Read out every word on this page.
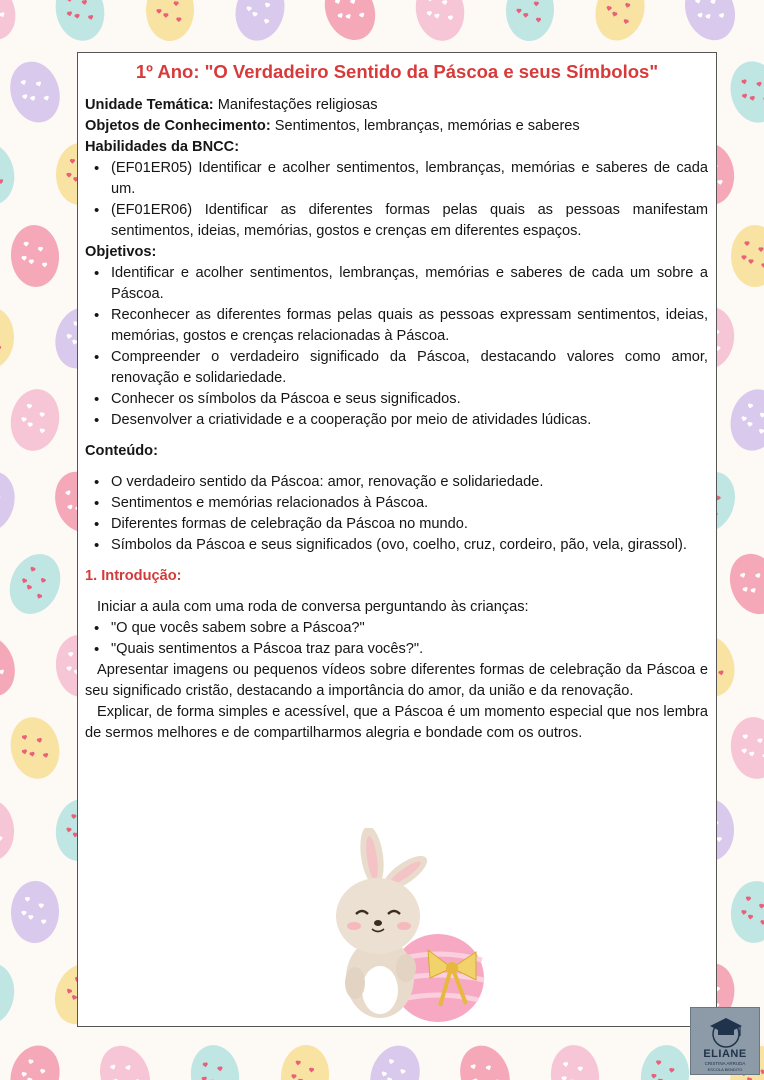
1º Ano: "O Verdadeiro Sentido da Páscoa e seus Símbolos"

Unidade Temática: Manifestações religiosas

Objetos de Conhecimento: Sentimentos, lembranças, memórias e saberes

Habilidades da BNCC:

• (EF01ER05) Identificar e acolher sentimentos, lembranças, memórias e saberes de cada um.
• (EF01ER06) Identificar as diferentes formas pelas quais as pessoas manifestam sentimentos, ideias, memórias, gostos e crenças em diferentes espaços.

Objetivos:

• Identificar e acolher sentimentos, lembranças, memórias e saberes de cada um sobre a Páscoa.
• Reconhecer as diferentes formas pelas quais as pessoas expressam sentimentos, ideias, memórias, gostos e crenças relacionadas à Páscoa.
• Compreender o verdadeiro significado da Páscoa, destacando valores como amor, renovação e solidariedade.
• Conhecer os símbolos da Páscoa e seus significados.
• Desenvolver a criatividade e a cooperação por meio de atividades lúdicas.

Conteúdo:

• O verdadeiro sentido da Páscoa: amor, renovação e solidariedade.
• Sentimentos e memórias relacionados à Páscoa.
• Diferentes formas de celebração da Páscoa no mundo.
• Símbolos da Páscoa e seus significados (ovo, coelho, cruz, cordeiro, pão, vela, girassol).

1. Introdução:

Iniciar a aula com uma roda de conversa perguntando às crianças:

• "O que vocês sabem sobre a Páscoa?"
• "Quais sentimentos a Páscoa traz para vocês?".

Apresentar imagens ou pequenos vídeos sobre diferentes formas de celebração da Páscoa e seu significado cristão, destacando a importância do amor, da união e da renovação.

Explicar, de forma simples e acessível, que a Páscoa é um momento especial que nos lembra de sermos melhores e de compartilharmos alegria e bondade com os outros.

ELIANE
CRISTINA ARRUDA
ESCOLA BENDITO
